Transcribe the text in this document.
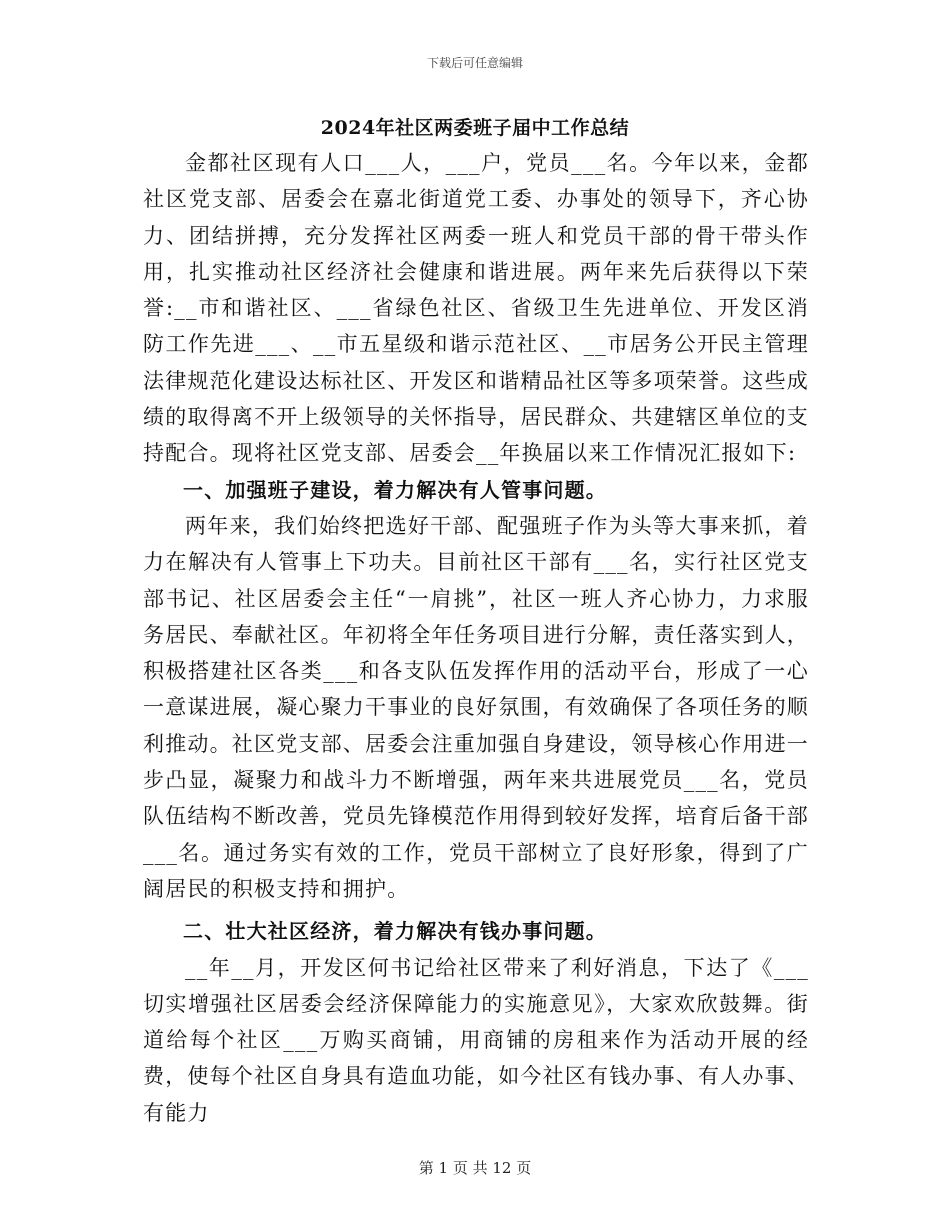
下载后可任意编辑
2024年社区两委班子届中工作总结

金都社区现有人口___人，___户，党员___名。今年以来，金都社区党支部、居委会在嘉北街道党工委、办事处的领导下，齐心协力、团结拼搏，充分发挥社区两委一班人和党员干部的骨干带头作用，扎实推动社区经济社会健康和谐进展。两年来先后获得以下荣誉:__市和谐社区、___省绿色社区、省级卫生先进单位、开发区消防工作先进___、__市五星级和谐示范社区、__市居务公开民主管理法律规范化建设达标社区、开发区和谐精品社区等多项荣誉。这些成绩的取得离不开上级领导的关怀指导，居民群众、共建辖区单位的支持配合。现将社区党支部、居委会__年换届以来工作情况汇报如下:

一、加强班子建设，着力解决有人管事问题。

两年来，我们始终把选好干部、配强班子作为头等大事来抓，着力在解决有人管事上下功夫。目前社区干部有___名，实行社区党支部书记、社区居委会主任“一肩挑”，社区一班人齐心协力，力求服务居民、奉献社区。年初将全年任务项目进行分解，责任落实到人，积极搭建社区各类___和各支队伍发挥作用的活动平台，形成了一心一意谋进展，凝心聚力干事业的良好氛围，有效确保了各项任务的顺利推动。社区党支部、居委会注重加强自身建设，领导核心作用进一步凸显，凝聚力和战斗力不断增强，两年来共进展党员___名，党员队伍结构不断改善，党员先锋模范作用得到较好发挥，培育后备干部___名。通过务实有效的工作，党员干部树立了良好形象，得到了广阔居民的积极支持和拥护。

二、壮大社区经济，着力解决有钱办事问题。

__年__月，开发区何书记给社区带来了利好消息，下达了《___切实增强社区居委会经济保障能力的实施意见》，大家欢欣鼓舞。街道给每个社区___万购买商铺，用商铺的房租来作为活动开展的经费，使每个社区自身具有造血功能，如今社区有钱办事、有人办事、有能力

第 1 页 共 12 页
